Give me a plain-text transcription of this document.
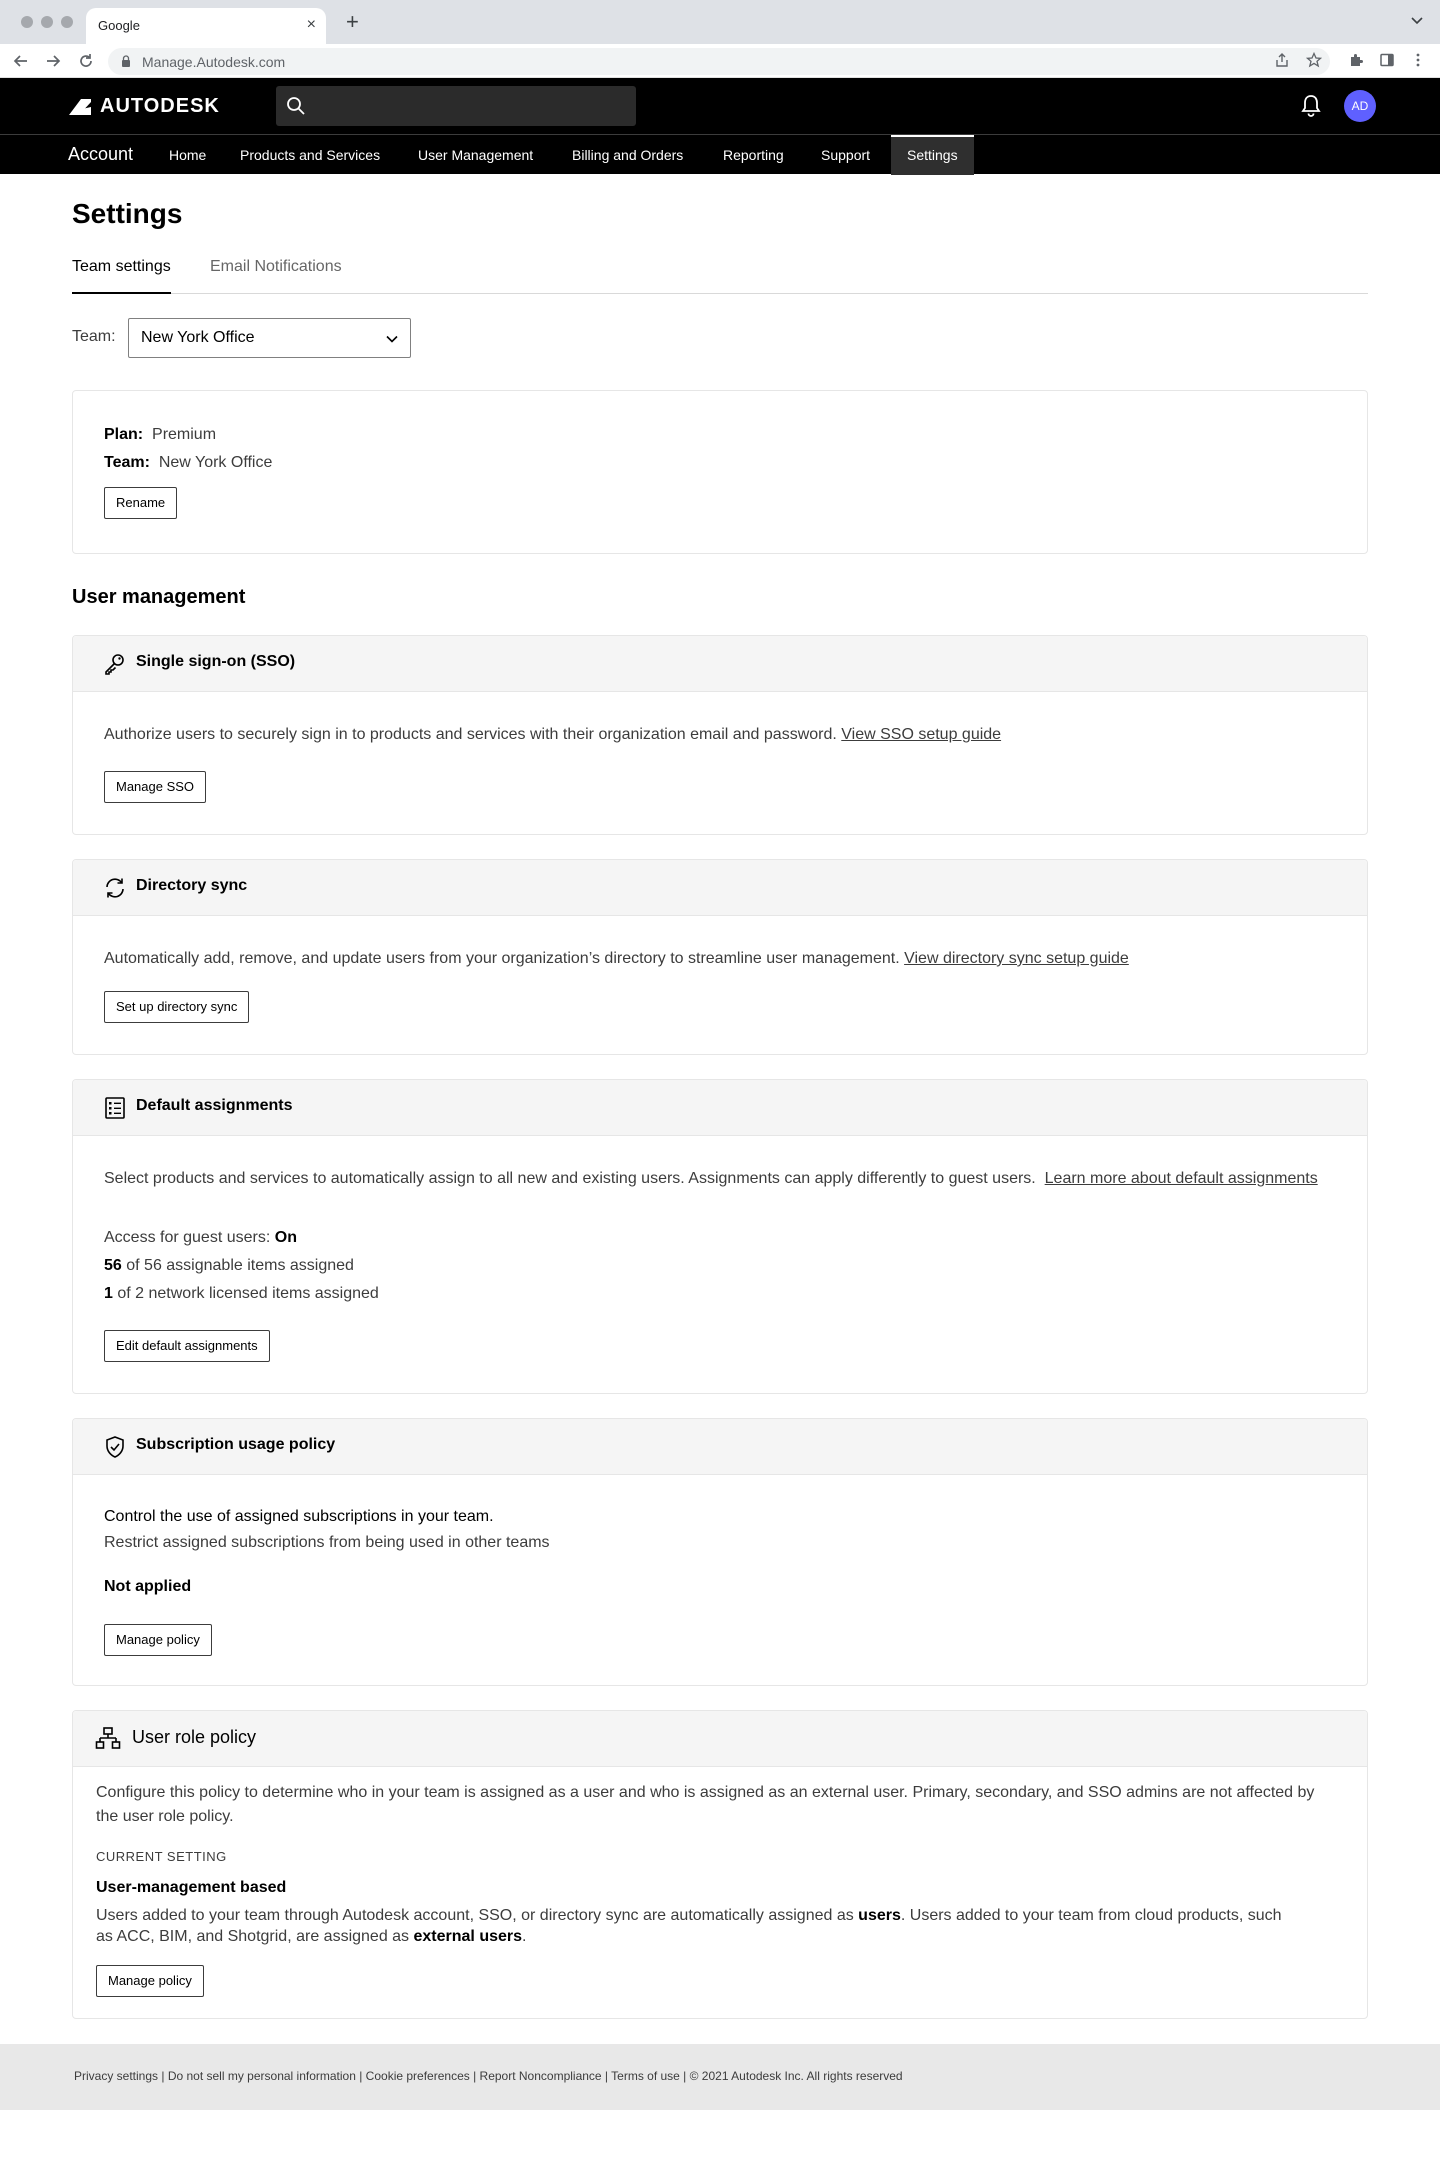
Google	× +
Manage.Autodesk.com
AUTODESK	AD
Account	Home	Products and Services	User Management	Billing and Orders	Reporting	Support	Settings
Settings
Team settings Email Notifications
Team: New York Office
Plan: Premium
Team: New York Office
Rename
User management
Single sign-on (SSO)
Authorize users to securely sign in to products and services with their organization email and password. View SSO setup guide
Manage SSO
Directory sync
Automatically add, remove, and update users from your organization’s directory to streamline user management. View directory sync setup guide
Set up directory sync
Default assignments
Select products and services to automatically assign to all new and existing users. Assignments can apply differently to guest users. Learn more about default assignments
Access for guest users: On
56 of 56 assignable items assigned
1 of 2 network licensed items assigned
Edit default assignments
Subscription usage policy
Control the use of assigned subscriptions in your team.
Restrict assigned subscriptions from being used in other teams
Not applied
Manage policy
User role policy
Configure this policy to determine who in your team is assigned as a user and who is assigned as an external user. Primary, secondary, and SSO admins are not affected by the user role policy.
CURRENT SETTING
User-management based
Users added to your team through Autodesk account, SSO, or directory sync are automatically assigned as users. Users added to your team from cloud products, such as ACC, BIM, and Shotgrid, are assigned as external users.
Manage policy
Privacy settings | Do not sell my personal information | Cookie preferences | Report Noncompliance | Terms of use | © 2021 Autodesk Inc. All rights reserved
